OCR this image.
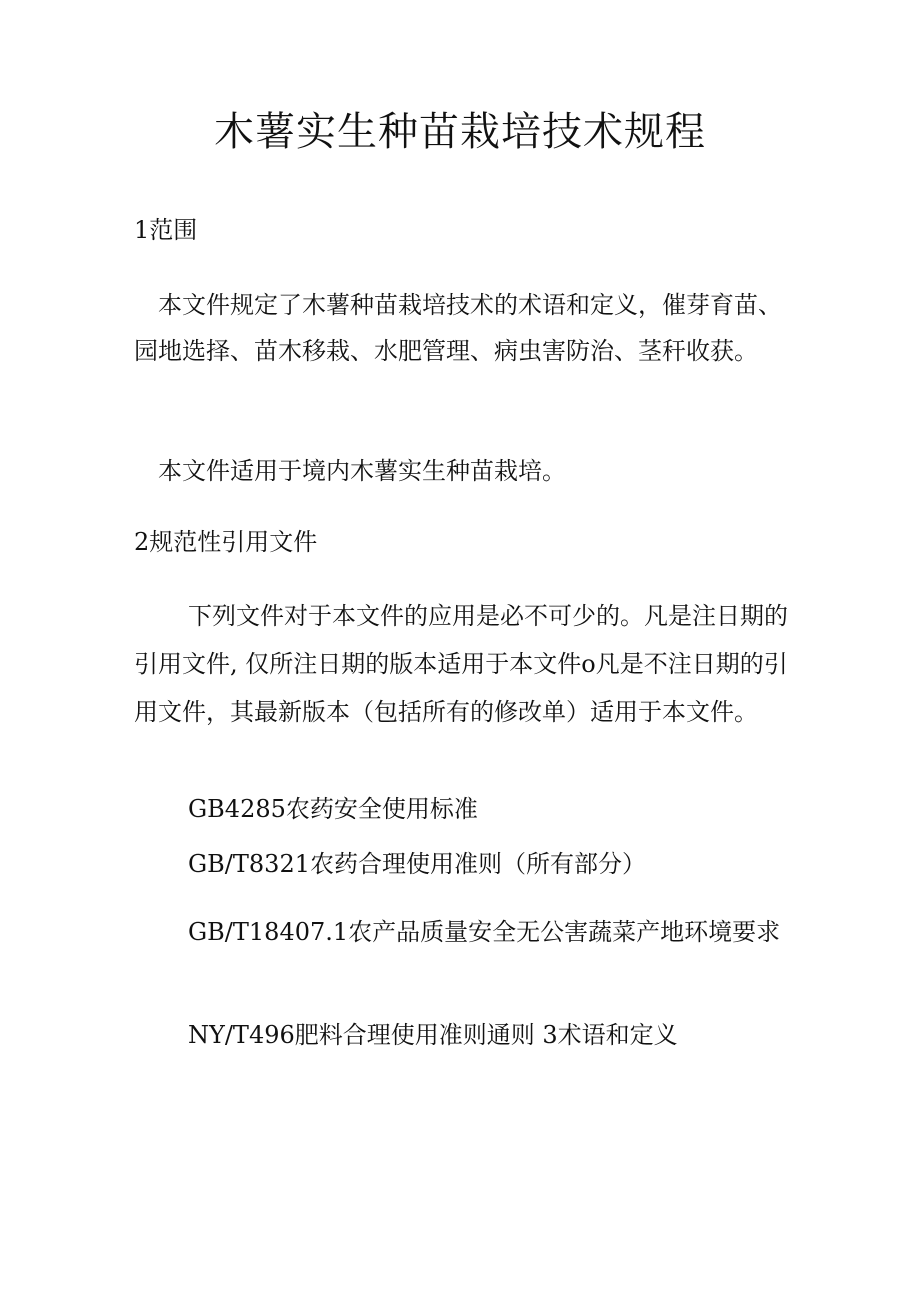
木薯实生种苗栽培技术规程
1范围
本文件规定了木薯种苗栽培技术的术语和定义，催芽育苗、园地选择、苗木移栽、水肥管理、病虫害防治、茎秆收获。
本文件适用于境内木薯实生种苗栽培。
2规范性引用文件
下列文件对于本文件的应用是必不可少的。凡是注日期的引用文件, 仅所注日期的版本适用于本文件o凡是不注日期的引用文件，其最新版本（包括所有的修改单）适用于本文件。
GB4285农药安全使用标准
GB/T8321农药合理使用准则（所有部分）
GB/T18407.1农产品质量安全无公害蔬菜产地环境要求
NY/T496肥料合理使用准则通则 3术语和定义
